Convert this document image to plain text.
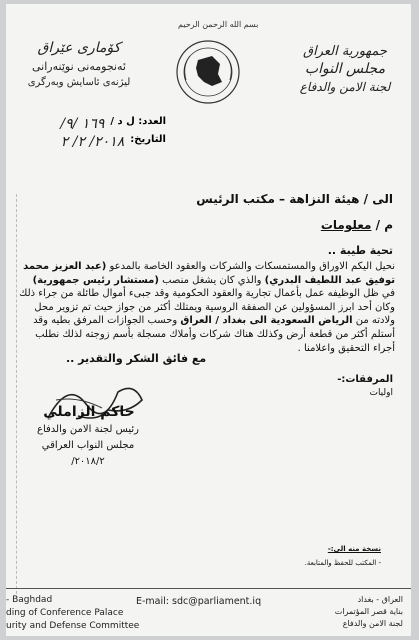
كۆماری عێراق
ئه‌نجومه‌نی نوێنه‌رانی
لیژنه‌ی ئاسایش وبه‌رگری
بسم الله الرحمن الرحيم
جمهورية العراق
مجلس النواب
لجنة الامن والدفاع
العدد: ل د /
١٦٩ /٩/
التاريخ:
٢٠١٨/ ٢/ ٢
الى / هيئة النزاهة – مكتب الرئيس
م / معلومات
تحية طيبة ..
نحيل اليكم الاوراق والمستمسكات والشركات والعقود الخاصة بالمدعو (عبد العزيز محمد توفيق عبد اللطيف البدري) والذي كان يشغل منصب (مستشار رئيس جمهورية) في ظل الوظيفه عمل بأعمال تجارية والعقود الحكومية وقد جبىء أموال طائلة من جراء ذلك وكان أحد ابرز المسؤولين عن الصفقة الروسية ويمتلك أكثر من جواز حيث تم تزوير محل ولادته من الرياض السعودية الى بغداد / العراق وحسب الجوازات المرفق بطيه وقد أستلم أكثر من قطعة أرض وكذلك هناك شركات وأملاك مسجلة بأسم زوجته لذلك نطلب أجراء التحقيق واعلامنا .
مع فائق الشكر والتقدير ..
المرفقات:-
اوليات
حاكم الزاملي
رئيس لجنة الامن والدفاع
مجلس النواب العراقي
٢٠١٨/٢/
نسخة منه الى:-
- المكتب للحفظ والمتابعة.
- Baghdad
ding of Conference Palace
urity and Defense Committee
E-mail: sdc@parliament.iq	العراق - بغداد
بناية قصر المؤتمرات
لجنة الامن والدفاع
